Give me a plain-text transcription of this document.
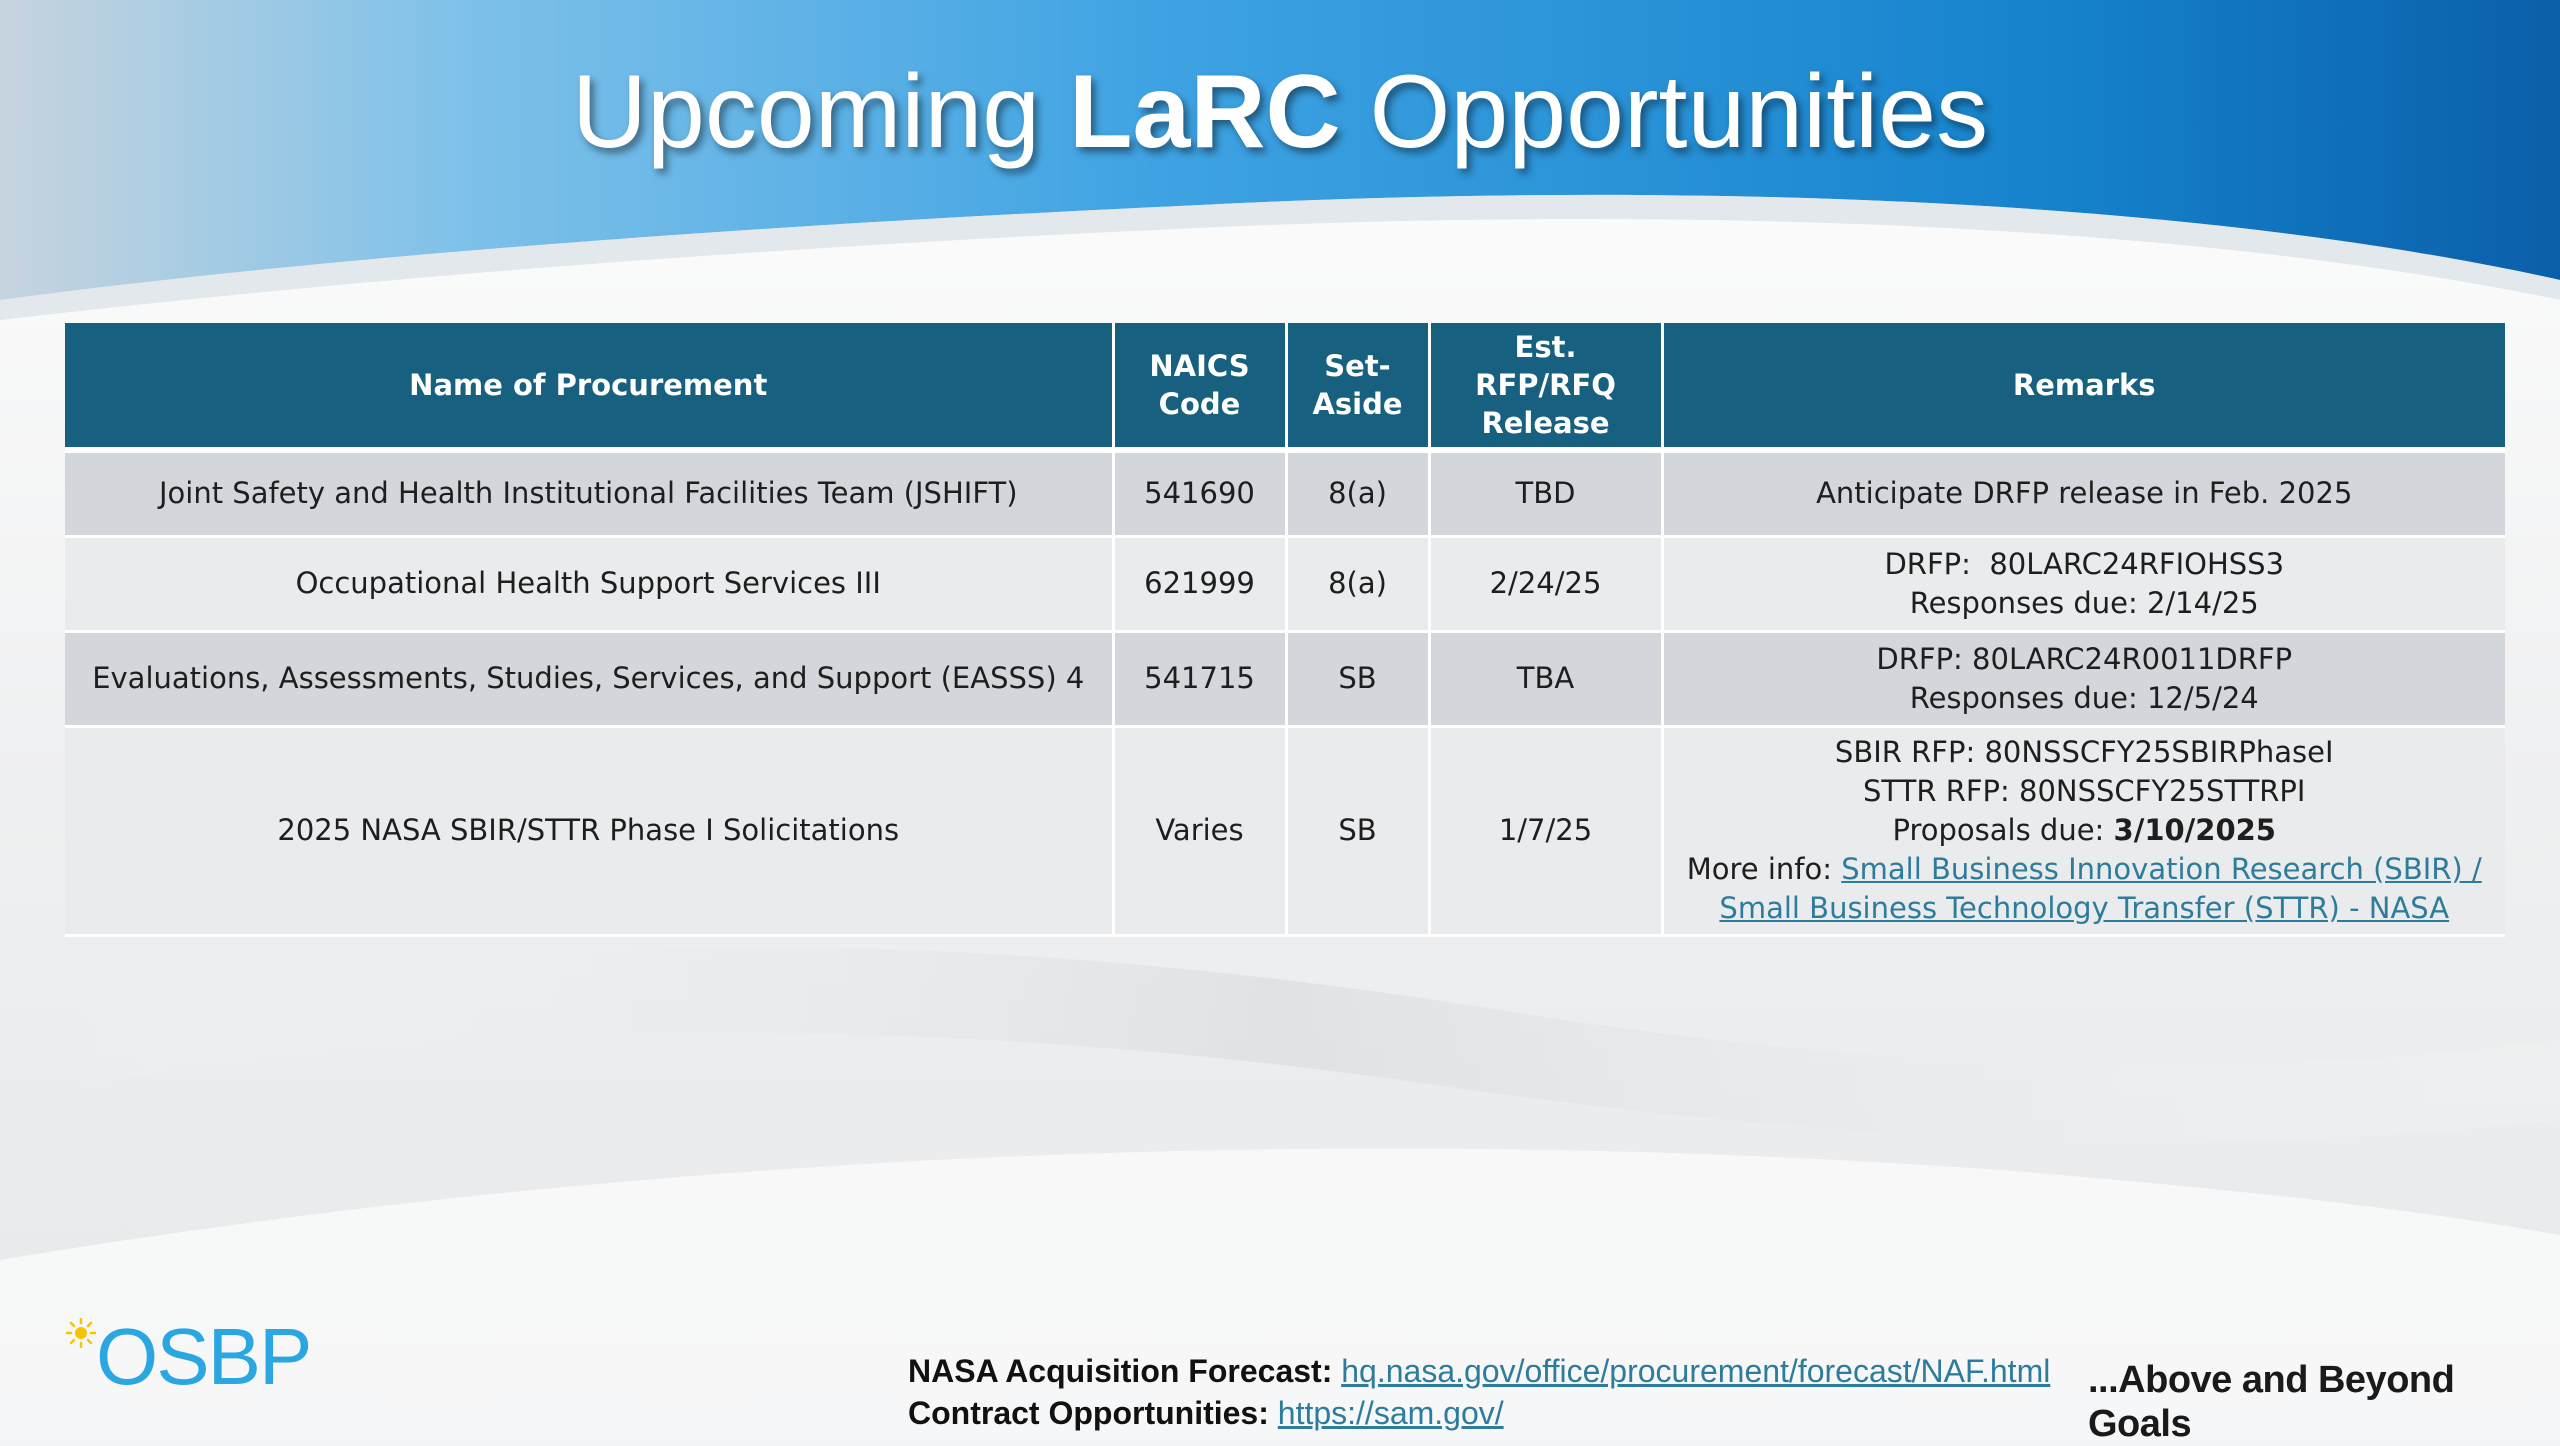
Upcoming LaRC Opportunities
Name of Procurement	NAICS Code	Set-Aside	Est. RFP/RFQ Release	Remarks
Joint Safety and Health Institutional Facilities Team (JSHIFT)	541690	8(a)	TBD	Anticipate DRFP release in Feb. 2025

Occupational Health Support Services III	621999	8(a)	2/24/25	DRFP:  80LARC24RFIOHSS3
Responses due: 2/14/25

Evaluations, Assessments, Studies, Services, and Support (EASSS) 4	541715	SB	TBA	DRFP: 80LARC24R0011DRFP
Responses due: 12/5/24

2025 NASA SBIR/STTR Phase I Solicitations	Varies	SB	1/7/25	SBIR RFP: 80NSSCFY25SBIRPhaseI
STTR RFP: 80NSSCFY25STTRPI
Proposals due: 3/10/2025
More info: Small Business Innovation Research (SBIR) /
Small Business Technology Transfer (STTR) - NASA
OSBP	NASA Acquisition Forecast: hq.nasa.gov/office/procurement/forecast/NAF.html
Contract Opportunities: https://sam.gov/
...Above and Beyond Goals
